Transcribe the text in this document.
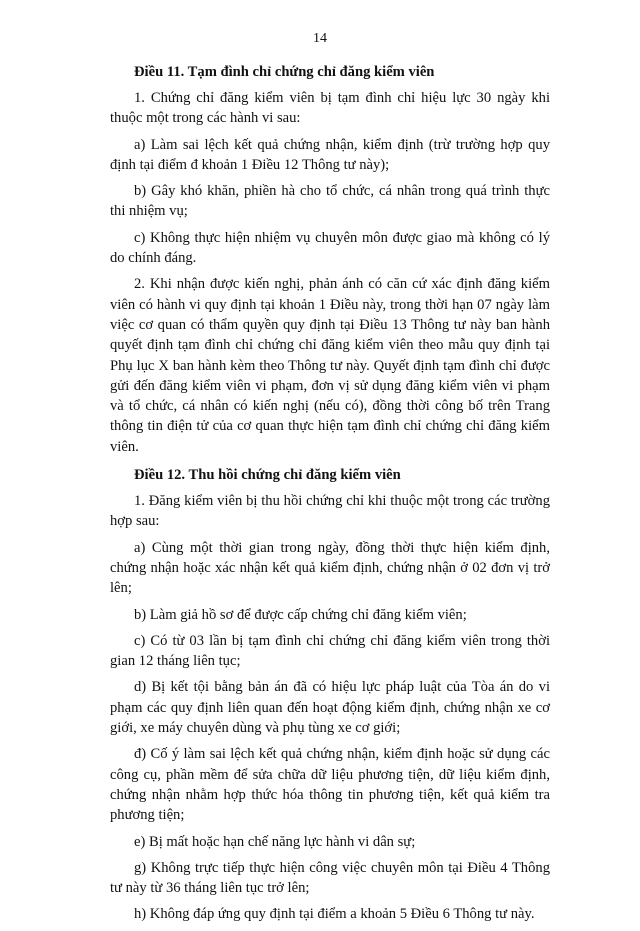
14
Điều 11. Tạm đình chỉ chứng chỉ đăng kiểm viên

1. Chứng chỉ đăng kiểm viên bị tạm đình chỉ hiệu lực 30 ngày khi thuộc một trong các hành vi sau:

a) Làm sai lệch kết quả chứng nhận, kiểm định (trừ trường hợp quy định tại điểm đ khoản 1 Điều 12 Thông tư này);

b) Gây khó khăn, phiền hà cho tổ chức, cá nhân trong quá trình thực thi nhiệm vụ;

c) Không thực hiện nhiệm vụ chuyên môn được giao mà không có lý do chính đáng.

2. Khi nhận được kiến nghị, phản ánh có căn cứ xác định đăng kiểm viên có hành vi quy định tại khoản 1 Điều này, trong thời hạn 07 ngày làm việc cơ quan có thẩm quyền quy định tại Điều 13 Thông tư này ban hành quyết định tạm đình chỉ chứng chỉ đăng kiểm viên theo mẫu quy định tại Phụ lục X ban hành kèm theo Thông tư này. Quyết định tạm đình chỉ được gửi đến đăng kiểm viên vi phạm, đơn vị sử dụng đăng kiểm viên vi phạm và tổ chức, cá nhân có kiến nghị (nếu có), đồng thời công bố trên Trang thông tin điện tử của cơ quan thực hiện tạm đình chỉ chứng chỉ đăng kiểm viên.

Điều 12. Thu hồi chứng chỉ đăng kiểm viên

1. Đăng kiểm viên bị thu hồi chứng chỉ khi thuộc một trong các trường hợp sau:

a) Cùng một thời gian trong ngày, đồng thời thực hiện kiểm định, chứng nhận hoặc xác nhận kết quả kiểm định, chứng nhận ở 02 đơn vị trở lên;

b) Làm giả hồ sơ để được cấp chứng chỉ đăng kiểm viên;

c) Có từ 03 lần bị tạm đình chỉ chứng chỉ đăng kiểm viên trong thời gian 12 tháng liên tục;

d) Bị kết tội bằng bản án đã có hiệu lực pháp luật của Tòa án do vi phạm các quy định liên quan đến hoạt động kiểm định, chứng nhận xe cơ giới, xe máy chuyên dùng và phụ tùng xe cơ giới;

đ) Cố ý làm sai lệch kết quả chứng nhận, kiểm định hoặc sử dụng các công cụ, phần mềm để sửa chữa dữ liệu phương tiện, dữ liệu kiểm định, chứng nhận nhằm hợp thức hóa thông tin phương tiện, kết quả kiểm tra phương tiện;

e) Bị mất hoặc hạn chế năng lực hành vi dân sự;

g) Không trực tiếp thực hiện công việc chuyên môn tại Điều 4 Thông tư này từ 36 tháng liên tục trở lên;

h) Không đáp ứng quy định tại điểm a khoản 5 Điều 6 Thông tư này.
